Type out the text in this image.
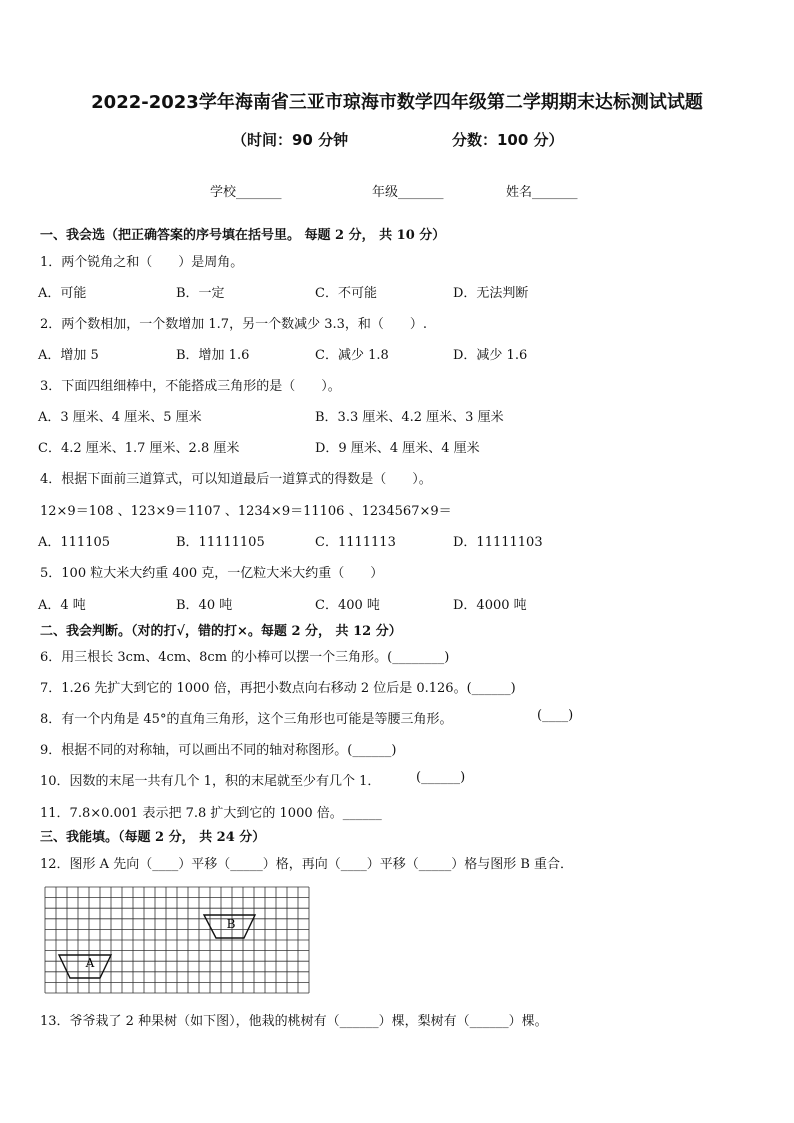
2022-2023学年海南省三亚市琼海市数学四年级第二学期期末达标测试试题
（时间：90 分钟	分数：100 分）
学校_______	年级_______	姓名_______
一、我会选（把正确答案的序号填在括号里。 每题 2 分， 共 10 分）
1．两个锐角之和（　　）是周角。
A．可能	B．一定	C．不可能	D．无法判断
2．两个数相加，一个数增加 1.7，另一个数减少 3.3，和（　　）.
A．增加 5	B．增加 1.6	C．减少 1.8	D．减少 1.6
3．下面四组细棒中，不能搭成三角形的是（　　）。
A．3 厘米、4 厘米、5 厘米	B．3.3 厘米、4.2 厘米、3 厘米
C．4.2 厘米、1.7 厘米、2.8 厘米	D．9 厘米、4 厘米、4 厘米
4．根据下面前三道算式，可以知道最后一道算式的得数是（　　）。
12×9＝108 、123×9＝1107 、1234×9＝11106 、1234567×9＝
A．111105	B．11111105	C．1111113	D．11111103
5．100 粒大米大约重 400 克，一亿粒大米大约重（　　）
A．4 吨	B．40 吨	C．400 吨	D．4000 吨
二、我会判断。（对的打√，错的打×。每题 2 分， 共 12 分）
6．用三根长 3cm、4cm、8cm 的小棒可以摆一个三角形。(________)
7．1.26 先扩大到它的 1000 倍，再把小数点向右移动 2 位后是 0.126。(______)
8．有一个内角是 45°的直角三角形，这个三角形也可能是等腰三角形。	(____)
9．根据不同的对称轴，可以画出不同的轴对称图形。(______)
10．因数的末尾一共有几个 1，积的末尾就至少有几个 1．	(______)
11．7.8×0.001 表示把 7.8 扩大到它的 1000 倍。______
三、我能填。（每题 2 分， 共 24 分）
12．图形 A 先向（____）平移（_____）格，再向（____）平移（_____）格与图形 B 重合．
B
A
13．爷爷栽了 2 种果树（如下图），他栽的桃树有（______）棵，梨树有（______）棵。
